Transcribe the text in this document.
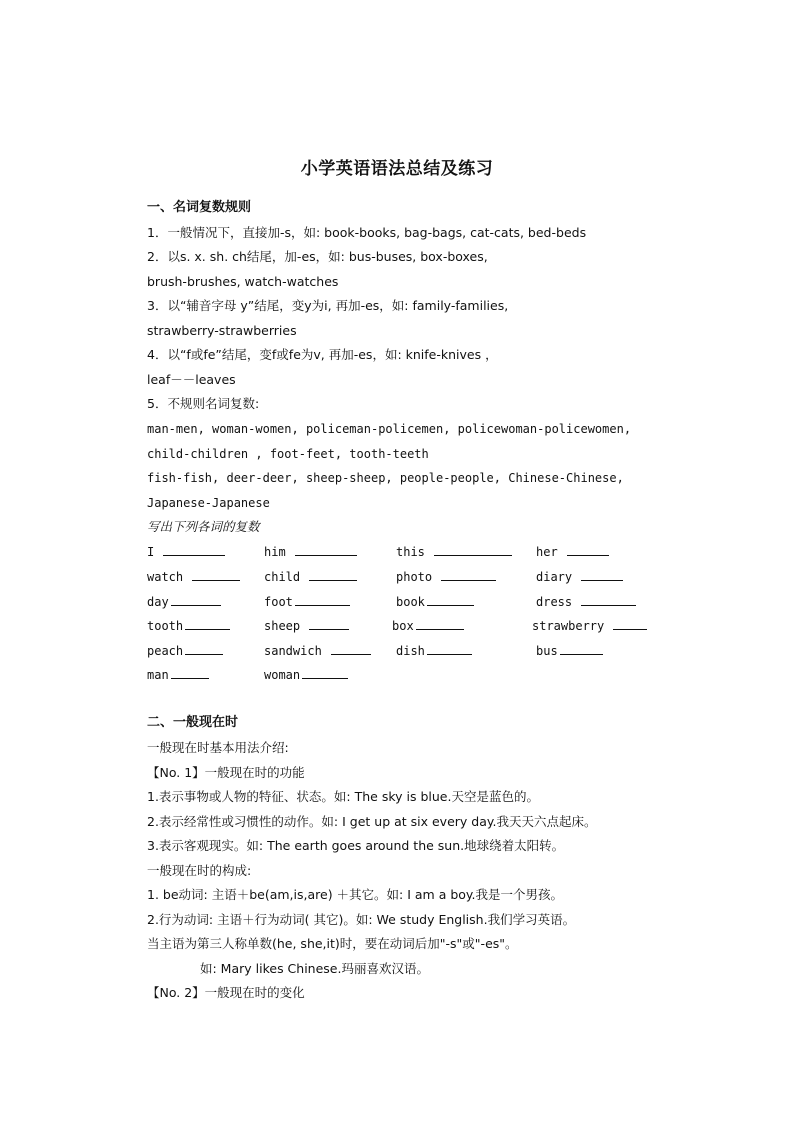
小学英语语法总结及练习
一、名词复数规则
1．一般情况下，直接加-s，如: book-books, bag-bags, cat-cats, bed-beds
2．以s. x. sh. ch结尾，加-es，如: bus-buses, box-boxes,
brush-brushes, watch-watches
3．以“辅音字母 y”结尾，变y为i, 再加-es，如: family-families,
strawberry-strawberries
4．以“f或fe”结尾，变f或fe为v, 再加-es，如: knife-knives ，
leaf－－leaves
5．不规则名词复数:
man-men, woman-women, policeman-policemen, policewoman-policewomen,
child-children , foot-feet, tooth-teeth
fish-fish, deer-deer, sheep-sheep, people-people, Chinese-Chinese,
Japanese-Japanese
写出下列各词的复数
I	him	this	her
watch	child	photo	diary
day	foot	book	dress
tooth	sheep	box	strawberry
peach	sandwich	dish	bus
man	woman
二、一般现在时
一般现在时基本用法介绍:
【No. 1】一般现在时的功能
1.表示事物或人物的特征、状态。如: The sky is blue.天空是蓝色的。
2.表示经常性或习惯性的动作。如: I get up at six every day.我天天六点起床。
3.表示客观现实。如: The earth goes around the sun.地球绕着太阳转。
一般现在时的构成:
1. be动词: 主语＋be(am,is,are) ＋其它。如: I am a boy.我是一个男孩。
2.行为动词: 主语＋行为动词( 其它)。如: We study English.我们学习英语。
当主语为第三人称单数(he, she,it)时，要在动词后加"-s"或"-es"。
如: Mary likes Chinese.玛丽喜欢汉语。
【No. 2】一般现在时的变化
